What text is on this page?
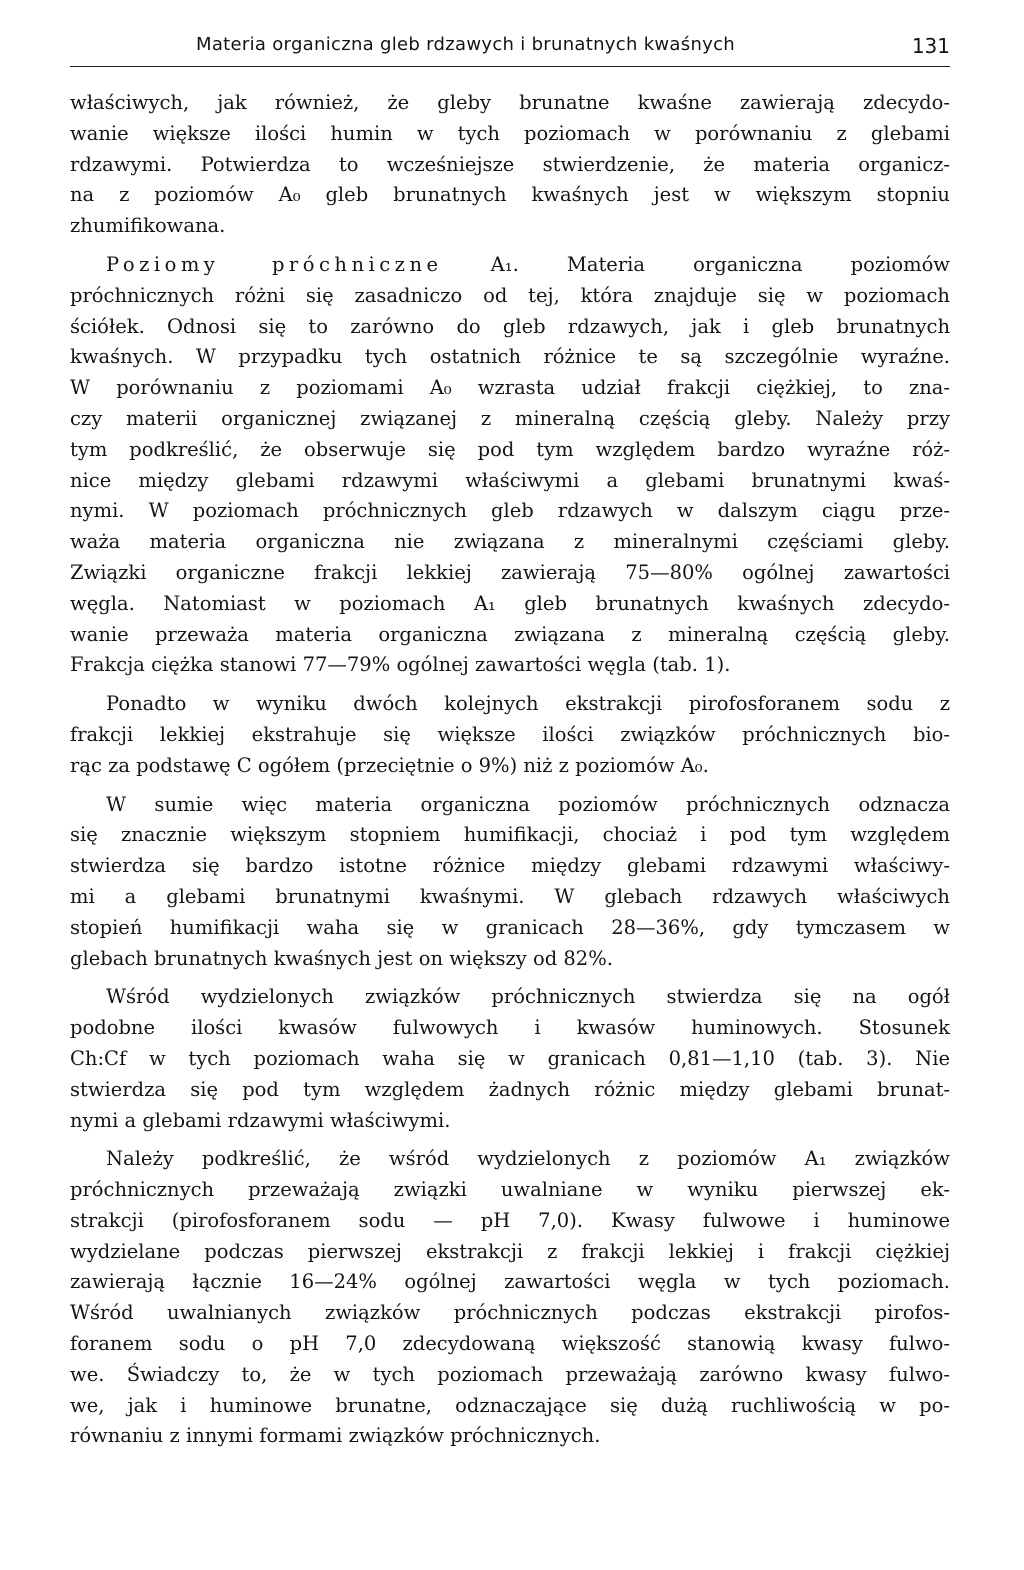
Materia organiczna gleb rdzawych i brunatnych kwaśnych	131
właściwych, jak również, że gleby brunatne kwaśne zawierają zdecydo-
wanie większe ilości humin w tych poziomach w porównaniu z glebami
rdzawymi. Potwierdza to wcześniejsze stwierdzenie, że materia organicz-
na z poziomów A₀ gleb brunatnych kwaśnych jest w większym stopniu
zhumifikowana.
Poziomy próchniczne A₁. Materia organiczna poziomów
próchnicznych różni się zasadniczo od tej, która znajduje się w poziomach
ściółek. Odnosi się to zarówno do gleb rdzawych, jak i gleb brunatnych
kwaśnych. W przypadku tych ostatnich różnice te są szczególnie wyraźne.
W porównaniu z poziomami A₀ wzrasta udział frakcji ciężkiej, to zna-
czy materii organicznej związanej z mineralną częścią gleby. Należy przy
tym podkreślić, że obserwuje się pod tym względem bardzo wyraźne róż-
nice między glebami rdzawymi właściwymi a glebami brunatnymi kwaś-
nymi. W poziomach próchnicznych gleb rdzawych w dalszym ciągu prze-
waża materia organiczna nie związana z mineralnymi częściami gleby.
Związki organiczne frakcji lekkiej zawierają 75—80% ogólnej zawartości
węgla. Natomiast w poziomach A₁ gleb brunatnych kwaśnych zdecydo-
wanie przeważa materia organiczna związana z mineralną częścią gleby.
Frakcja ciężka stanowi 77—79% ogólnej zawartości węgla (tab. 1).
Ponadto w wyniku dwóch kolejnych ekstrakcji pirofosforanem sodu z
frakcji lekkiej ekstrahuje się większe ilości związków próchnicznych bio-
rąc za podstawę C ogółem (przeciętnie o 9%) niż z poziomów A₀.
W sumie więc materia organiczna poziomów próchnicznych odznacza
się znacznie większym stopniem humifikacji, chociaż i pod tym względem
stwierdza się bardzo istotne różnice między glebami rdzawymi właściwy-
mi a glebami brunatnymi kwaśnymi. W glebach rdzawych właściwych
stopień humifikacji waha się w granicach 28—36%, gdy tymczasem w
glebach brunatnych kwaśnych jest on większy od 82%.
Wśród wydzielonych związków próchnicznych stwierdza się na ogół
podobne ilości kwasów fulwowych i kwasów huminowych. Stosunek
Ch:Cf w tych poziomach waha się w granicach 0,81—1,10 (tab. 3). Nie
stwierdza się pod tym względem żadnych różnic między glebami brunat-
nymi a glebami rdzawymi właściwymi.
Należy podkreślić, że wśród wydzielonych z poziomów A₁ związków
próchnicznych przeważają związki uwalniane w wyniku pierwszej ek-
strakcji (pirofosforanem sodu — pH 7,0). Kwasy fulwowe i huminowe
wydzielane podczas pierwszej ekstrakcji z frakcji lekkiej i frakcji ciężkiej
zawierają łącznie 16—24% ogólnej zawartości węgla w tych poziomach.
Wśród uwalnianych związków próchnicznych podczas ekstrakcji pirofos-
foranem sodu o pH 7,0 zdecydowaną większość stanowią kwasy fulwo-
we. Świadczy to, że w tych poziomach przeważają zarówno kwasy fulwo-
we, jak i huminowe brunatne, odznaczające się dużą ruchliwością w po-
równaniu z innymi formami związków próchnicznych.
